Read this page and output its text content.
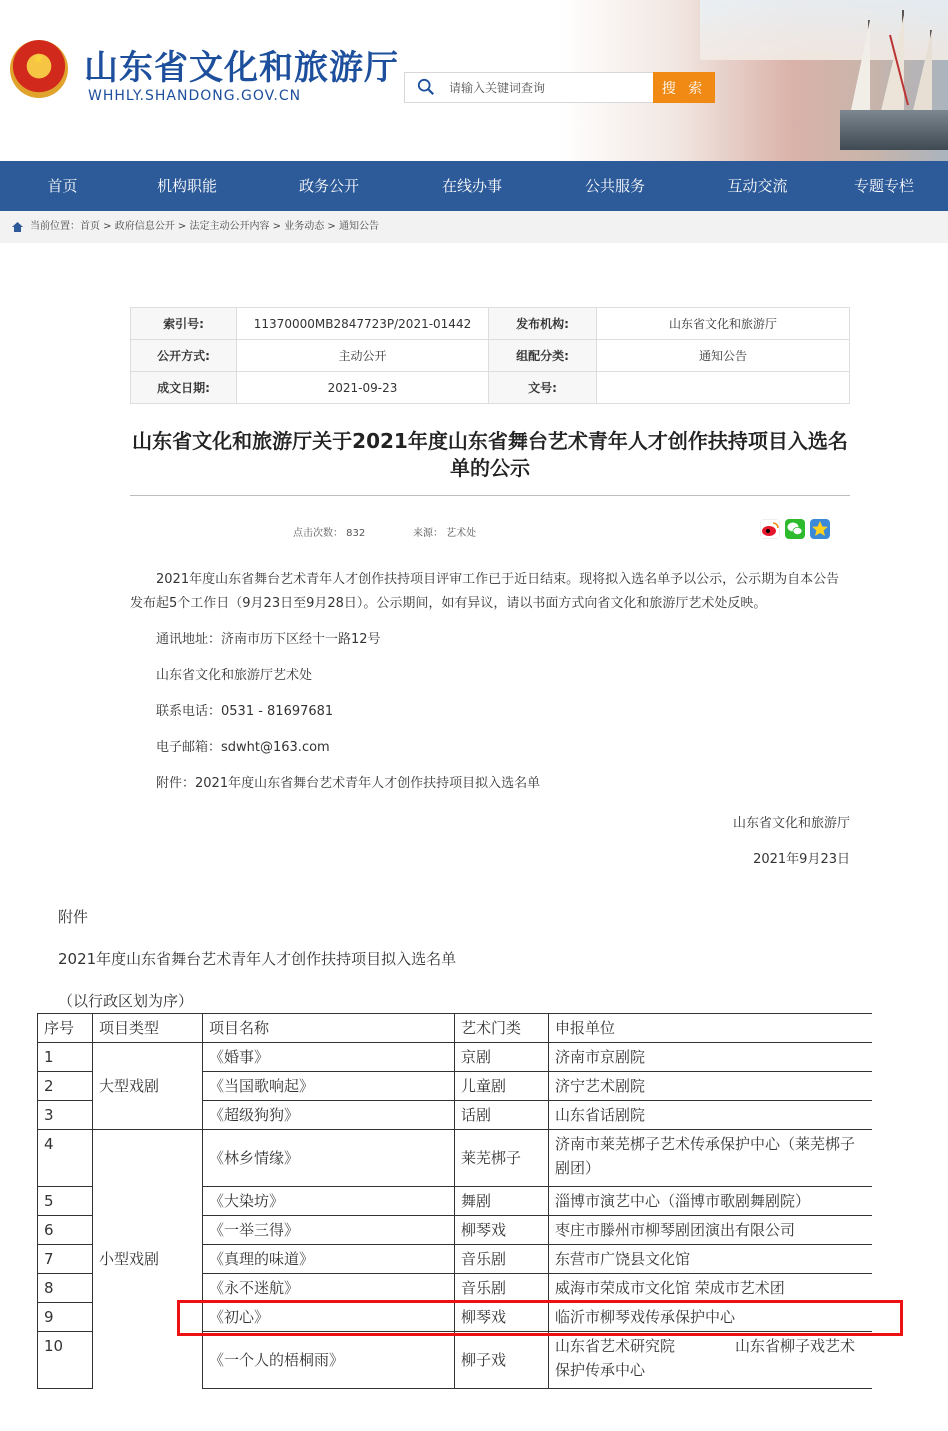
★ 山东省文化和旅游厅
WHHLY.SHANDONG.GOV.CN
请输入关键词查询	搜 索
首页	机构职能	政务公开	在线办事	公共服务	互动交流	专题专栏
当前位置：首页 > 政府信息公开 > 法定主动公开内容 > 业务动态 > 通知公告
索引号:	11370000MB2847723P/2021-01442	发布机构:	山东省文化和旅游厅
公开方式:	主动公开	组配分类:	通知公告
成文日期:	2021-09-23	文号:	
山东省文化和旅游厅关于2021年度山东省舞台艺术青年人才创作扶持项目入选名单的公示
点击次数： 832	来源： 艺术处
2021年度山东省舞台艺术青年人才创作扶持项目评审工作已于近日结束。现将拟入选名单予以公示，公示期为自本公告发布起5个工作日（9月23日至9月28日）。公示期间，如有异议，请以书面方式向省文化和旅游厅艺术处反映。
通讯地址：济南市历下区经十一路12号
山东省文化和旅游厅艺术处
联系电话：0531 - 81697681
电子邮箱：sdwht@163.com
附件：2021年度山东省舞台艺术青年人才创作扶持项目拟入选名单
山东省文化和旅游厅
2021年9月23日
附件
2021年度山东省舞台艺术青年人才创作扶持项目拟入选名单
（以行政区划为序）
序号	项目类型	项目名称	艺术门类	申报单位
1	大型戏剧	《婚事》	京剧	济南市京剧院
2		《当国歌响起》	儿童剧	济宁艺术剧院
3		《超级狗狗》	话剧	山东省话剧院
4	小型戏剧	《林乡情缘》	莱芜梆子	济南市莱芜梆子艺术传承保护中心（莱芜梆子剧团）
5		《大染坊》	舞剧	淄博市演艺中心（淄博市歌剧舞剧院）
6		《一举三得》	柳琴戏	枣庄市滕州市柳琴剧团演出有限公司
7		《真理的味道》	音乐剧	东营市广饶县文化馆
8		《永不迷航》	音乐剧	威海市荣成市文化馆 荣成市艺术团
9		《初心》	柳琴戏	临沂市柳琴戏传承保护中心
10		《一个人的梧桐雨》	柳子戏	山东省艺术研究院　　　　山东省柳子戏艺术保护传承中心
